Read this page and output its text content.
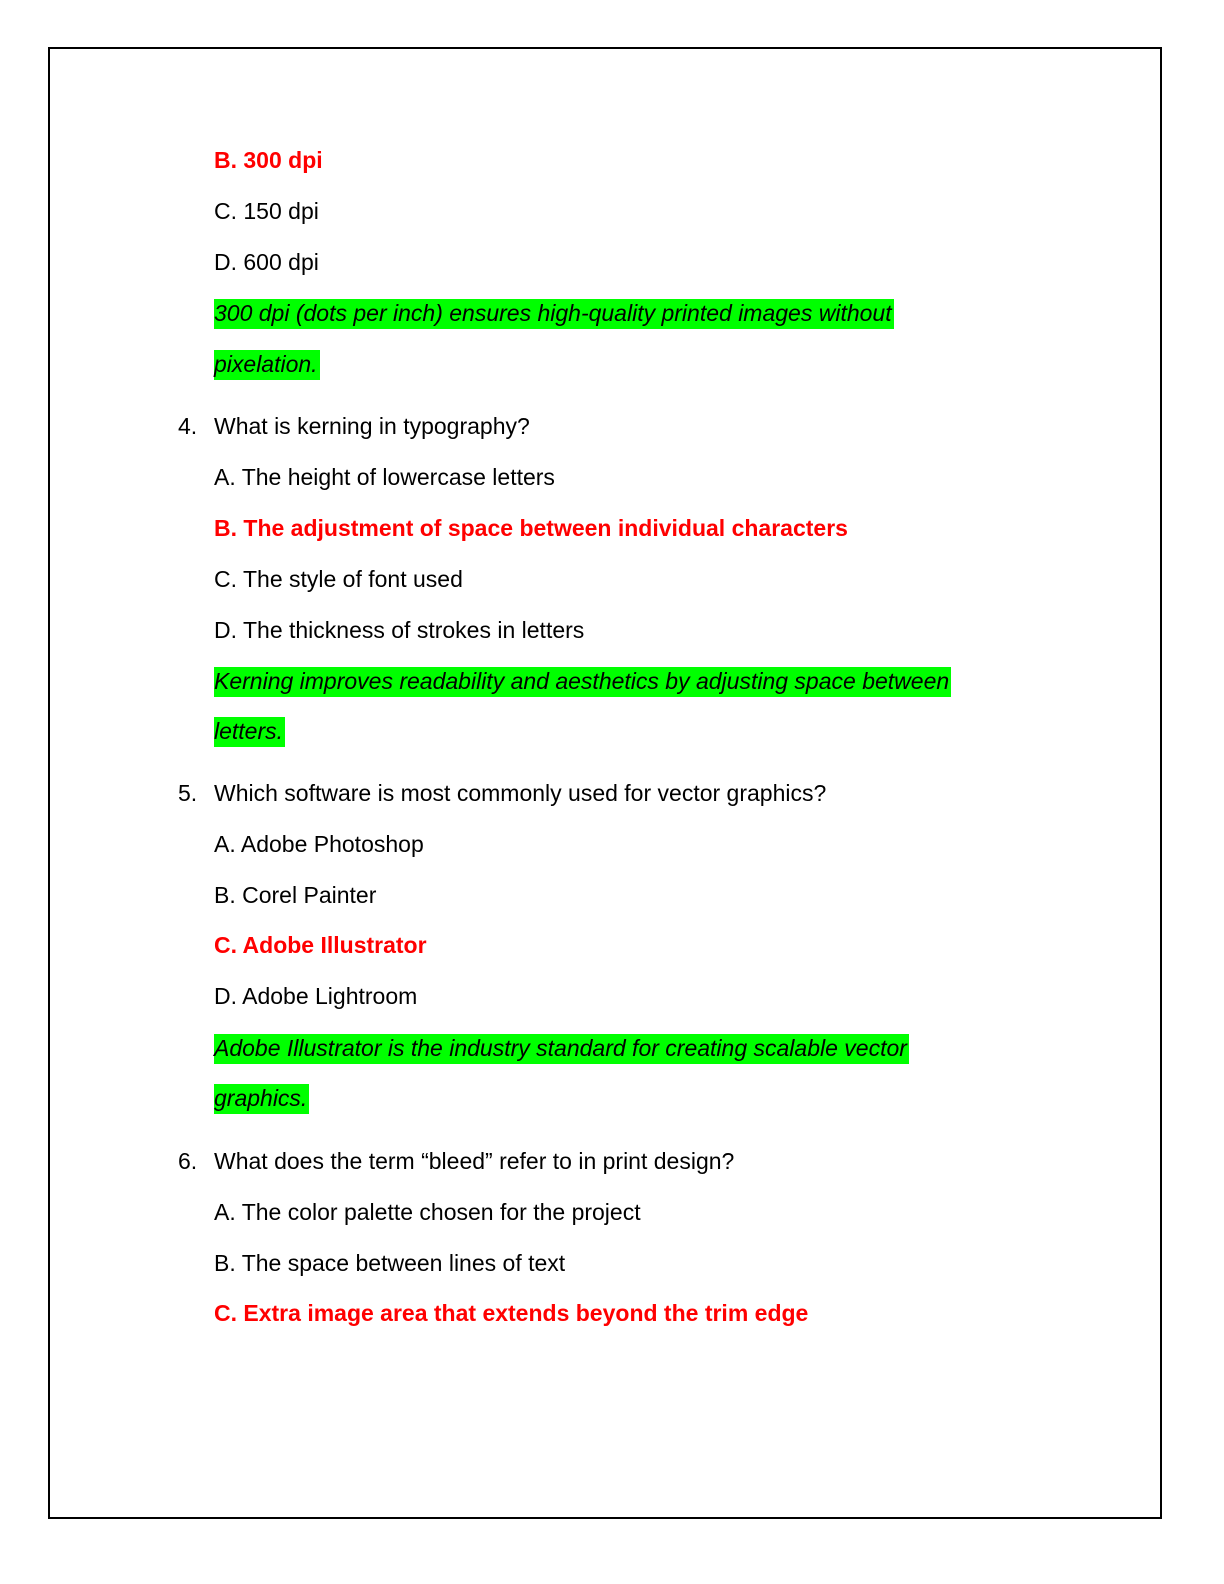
B. 300 dpi
C. 150 dpi
D. 600 dpi
300 dpi (dots per inch) ensures high-quality printed images without
pixelation.
4. What is kerning in typography?
A. The height of lowercase letters
B. The adjustment of space between individual characters
C. The style of font used
D. The thickness of strokes in letters
Kerning improves readability and aesthetics by adjusting space between
letters.
5. Which software is most commonly used for vector graphics?
A. Adobe Photoshop
B. Corel Painter
C. Adobe Illustrator
D. Adobe Lightroom
Adobe Illustrator is the industry standard for creating scalable vector
graphics.
6. What does the term “bleed” refer to in print design?
A. The color palette chosen for the project
B. The space between lines of text
C. Extra image area that extends beyond the trim edge
